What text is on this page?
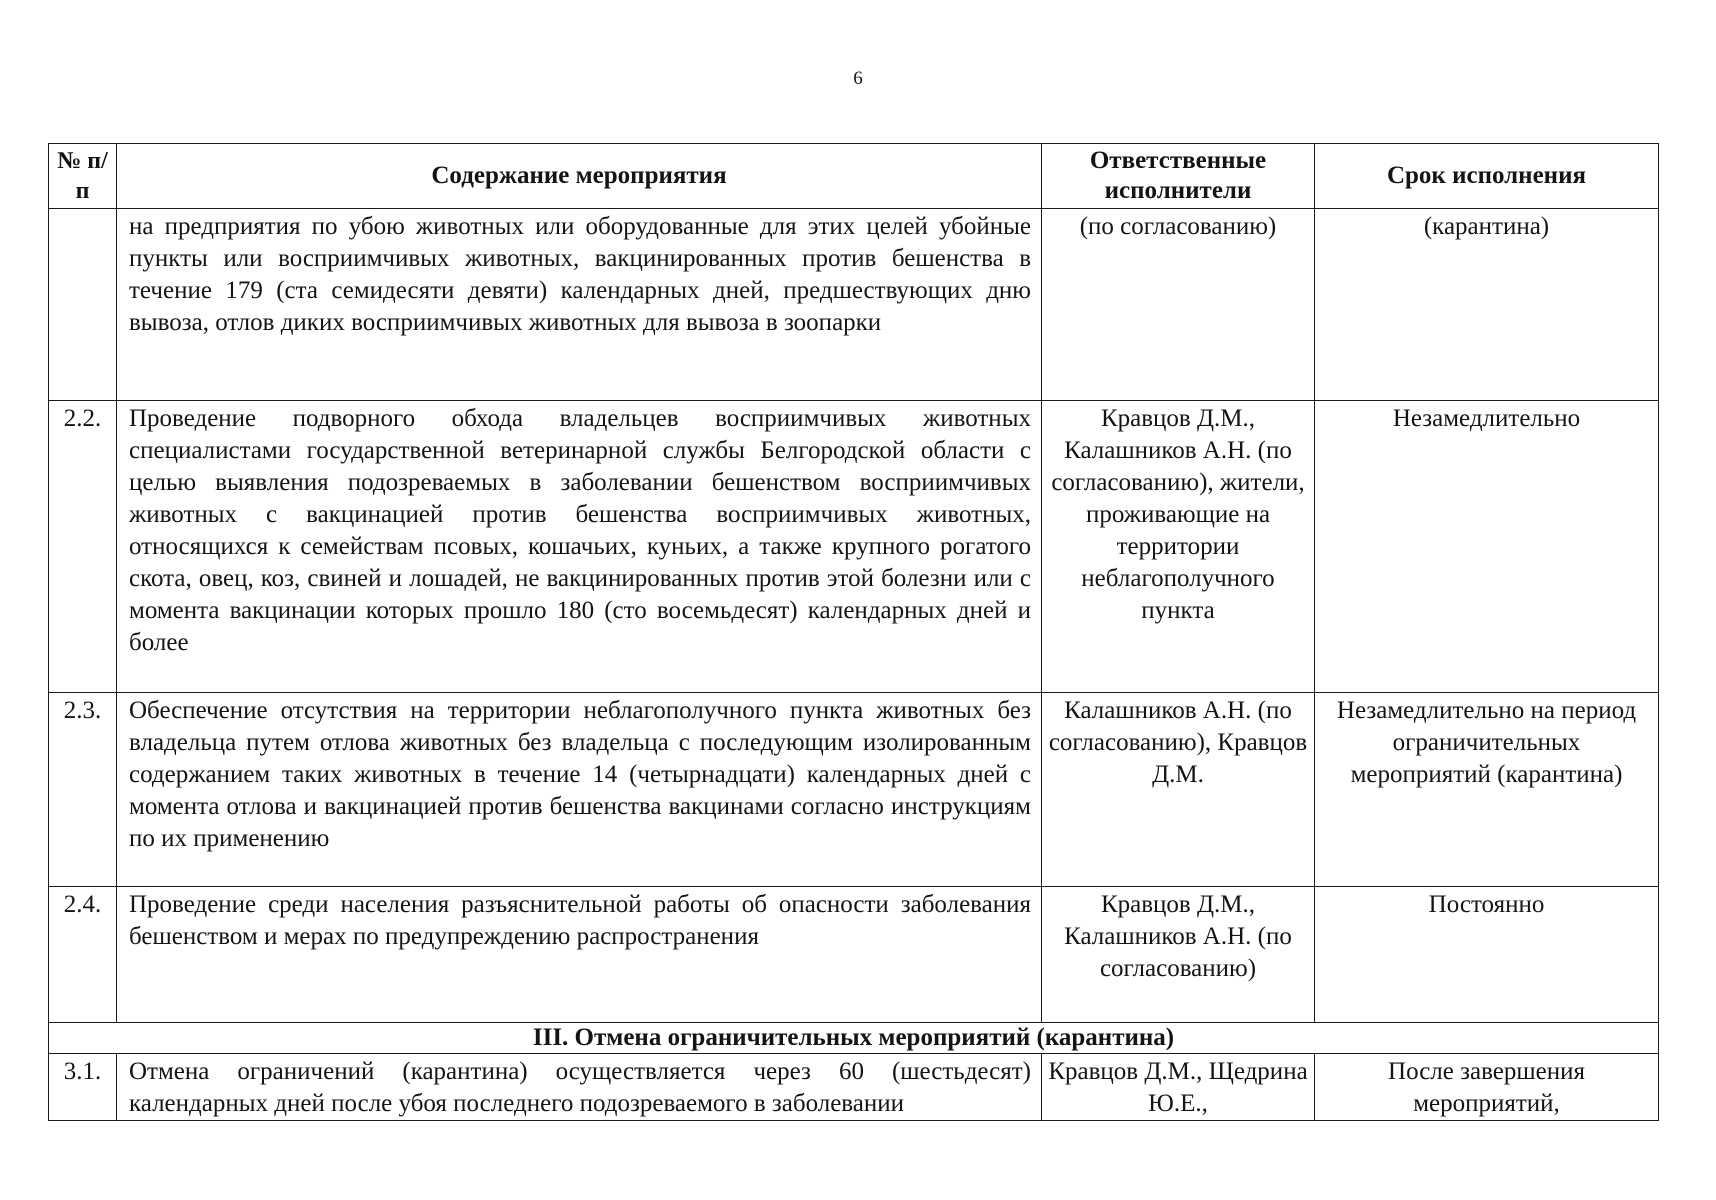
6
№ п/п	Содержание мероприятия	Ответственные исполнители	Срок исполнения
	на предприятия по убою животных или оборудованные для этих целей убойные пункты или восприимчивых животных, вакцинированных против бешенства в течение 179 (ста семидесяти девяти) календарных дней, предшествующих дню вывоза, отлов диких восприимчивых животных для вывоза в зоопарки	(по согласованию)	(карантина)
2.2.	Проведение подворного обхода владельцев восприимчивых животных специалистами государственной ветеринарной службы Белгородской области с целью выявления подозреваемых в заболевании бешенством восприимчивых животных с вакцинацией против бешенства восприимчивых животных, относящихся к семействам псовых, кошачьих, куньих, а также крупного рогатого скота, овец, коз, свиней и лошадей, не вакцинированных против этой болезни или с момента вакцинации которых прошло 180 (сто восемьдесят) календарных дней и более	Кравцов Д.М., Калашников А.Н. (по согласованию), жители, проживающие на территории неблагополучного пункта	Незамедлительно
2.3.	Обеспечение отсутствия на территории неблагополучного пункта животных без владельца путем отлова животных без владельца с последующим изолированным содержанием таких животных в течение 14 (четырнадцати) календарных дней с момента отлова и вакцинацией против бешенства вакцинами согласно инструкциям по их применению	Калашников А.Н. (по согласованию), Кравцов Д.М.	Незамедлительно на период ограничительных мероприятий (карантина)
2.4.	Проведение среди населения разъяснительной работы об опасности заболевания бешенством и мерах по предупреждению распространения	Кравцов Д.М., Калашников А.Н. (по согласованию)	Постоянно
III. Отмена ограничительных мероприятий (карантина)			
3.1.	Отмена ограничений (карантина) осуществляется через 60 (шестьдесят) календарных дней после убоя последнего подозреваемого в заболевании	Кравцов Д.М., Щедрина Ю.Е.,	После завершения мероприятий,
